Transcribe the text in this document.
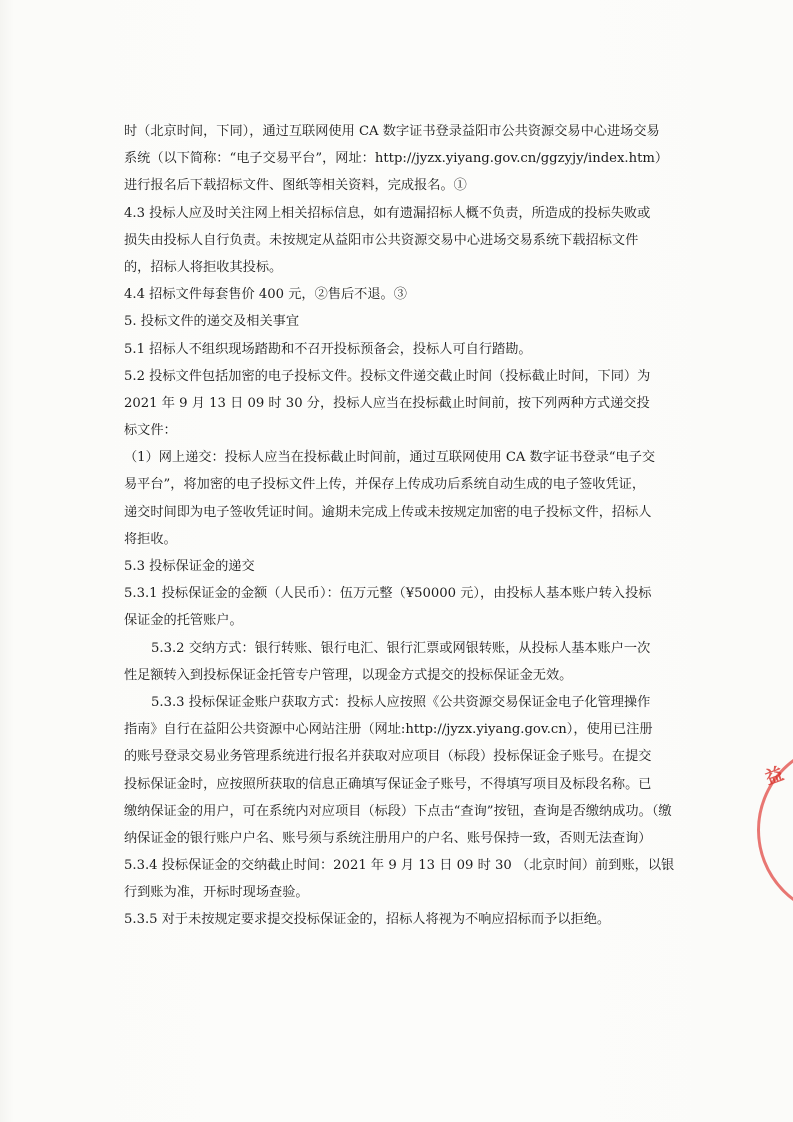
时（北京时间，下同），通过互联网使用 CA 数字证书登录益阳市公共资源交易中心进场交易
系统（以下简称：“电子交易平台”，网址：http://jyzx.yiyang.gov.cn/ggzyjy/index.htm）
进行报名后下载招标文件、图纸等相关资料，完成报名。①
4.3 投标人应及时关注网上相关招标信息，如有遗漏招标人概不负责，所造成的投标失败或
损失由投标人自行负责。未按规定从益阳市公共资源交易中心进场交易系统下载招标文件
的，招标人将拒收其投标。
4.4 招标文件每套售价 400 元，②售后不退。③
5. 投标文件的递交及相关事宜
5.1 招标人不组织现场踏勘和不召开投标预备会，投标人可自行踏勘。
5.2 投标文件包括加密的电子投标文件。投标文件递交截止时间（投标截止时间，下同）为
2021 年 9 月 13 日 09 时 30 分，投标人应当在投标截止时间前，按下列两种方式递交投
标文件：
（1）网上递交：投标人应当在投标截止时间前，通过互联网使用 CA 数字证书登录“电子交
易平台”，将加密的电子投标文件上传，并保存上传成功后系统自动生成的电子签收凭证，
递交时间即为电子签收凭证时间。逾期未完成上传或未按规定加密的电子投标文件，招标人
将拒收。
5.3 投标保证金的递交
5.3.1 投标保证金的金额（人民币）：伍万元整（¥50000 元），由投标人基本账户转入投标
保证金的托管账户。
5.3.2 交纳方式：银行转账、银行电汇、银行汇票或网银转账，从投标人基本账户一次
性足额转入到投标保证金托管专户管理，以现金方式提交的投标保证金无效。
5.3.3 投标保证金账户获取方式：投标人应按照《公共资源交易保证金电子化管理操作
指南》自行在益阳公共资源中心网站注册（网址:http://jyzx.yiyang.gov.cn），使用已注册
的账号登录交易业务管理系统进行报名并获取对应项目（标段）投标保证金子账号。在提交
投标保证金时，应按照所获取的信息正确填写保证金子账号，不得填写项目及标段名称。已
缴纳保证金的用户，可在系统内对应项目（标段）下点击“查询”按钮，查询是否缴纳成功。（缴
纳保证金的银行账户户名、账号须与系统注册用户的户名、账号保持一致，否则无法查询）
5.3.4 投标保证金的交纳截止时间：2021 年 9 月 13 日 09 时 30 （北京时间）前到账，以银
行到账为准，开标时现场查验。
5.3.5 对于未按规定要求提交投标保证金的，招标人将视为不响应招标而予以拒绝。
益
